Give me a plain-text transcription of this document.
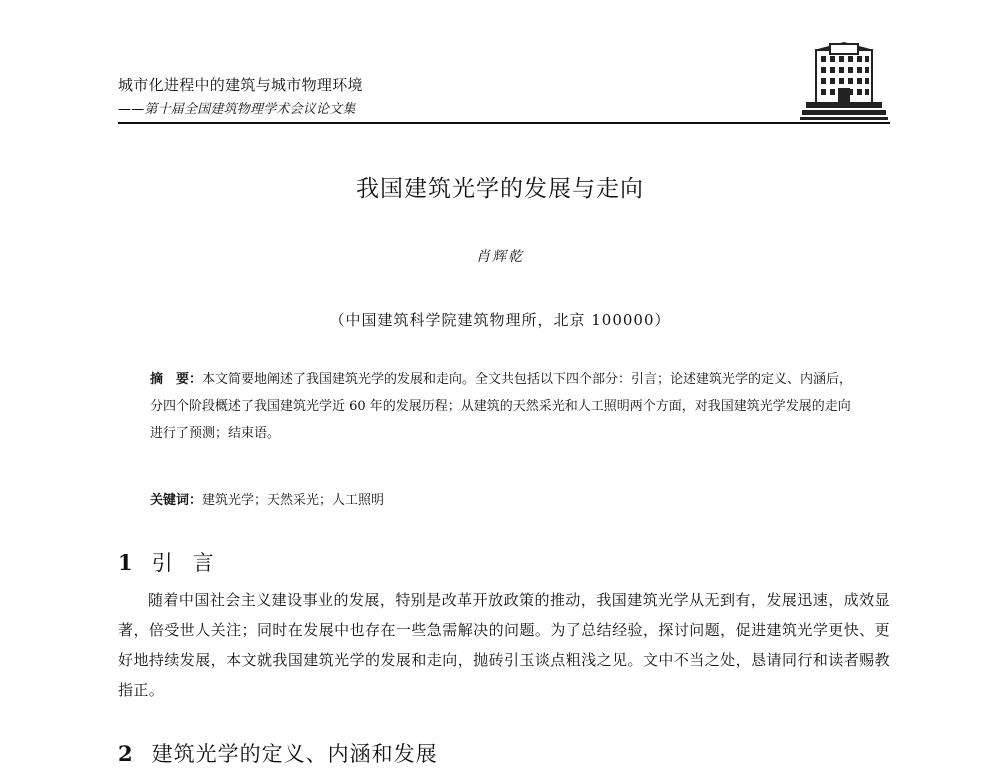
城市化进程中的建筑与城市物理环境
——第十届全国建筑物理学术会议论文集
我国建筑光学的发展与走向
肖辉乾
（中国建筑科学院建筑物理所，北京 100000）
摘　要：本文简要地阐述了我国建筑光学的发展和走向。全文共包括以下四个部分：引言；论述建筑光学的定义、内涵后，分四个阶段概述了我国建筑光学近 60 年的发展历程；从建筑的天然采光和人工照明两个方面，对我国建筑光学发展的走向进行了预测；结束语。
关键词：建筑光学；天然采光；人工照明
1 引言
随着中国社会主义建设事业的发展，特别是改革开放政策的推动，我国建筑光学从无到有，发展迅速，成效显著，倍受世人关注；同时在发展中也存在一些急需解决的问题。为了总结经验，探讨问题，促进建筑光学更快、更好地持续发展，本文就我国建筑光学的发展和走向，抛砖引玉谈点粗浅之见。文中不当之处，恳请同行和读者赐教指正。
2 建筑光学的定义、内涵和发展
